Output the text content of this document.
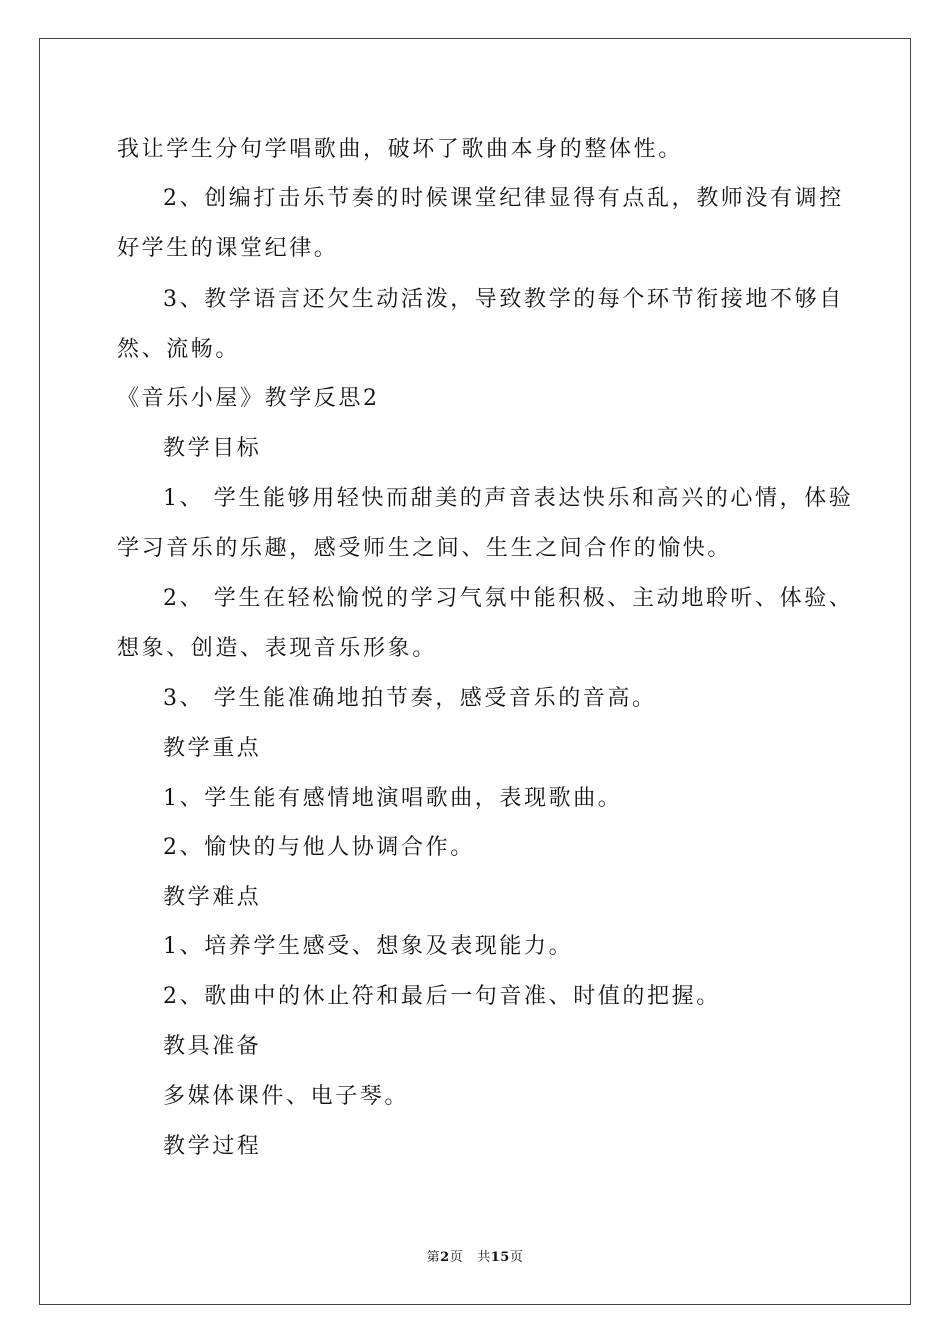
我让学生分句学唱歌曲，破坏了歌曲本身的整体性。
2、创编打击乐节奏的时候课堂纪律显得有点乱，教师没有调控
好学生的课堂纪律。
3、教学语言还欠生动活泼，导致教学的每个环节衔接地不够自
然、流畅。
《音乐小屋》教学反思2
教学目标
1、 学生能够用轻快而甜美的声音表达快乐和高兴的心情，体验
学习音乐的乐趣，感受师生之间、生生之间合作的愉快。
2、 学生在轻松愉悦的学习气氛中能积极、主动地聆听、体验、
想象、创造、表现音乐形象。
3、 学生能准确地拍节奏，感受音乐的音高。
教学重点
1、学生能有感情地演唱歌曲，表现歌曲。
2、愉快的与他人协调合作。
教学难点
1、培养学生感受、想象及表现能力。
2、歌曲中的休止符和最后一句音准、时值的把握。
教具准备
多媒体课件、电子琴。
教学过程
第2页 共15页
